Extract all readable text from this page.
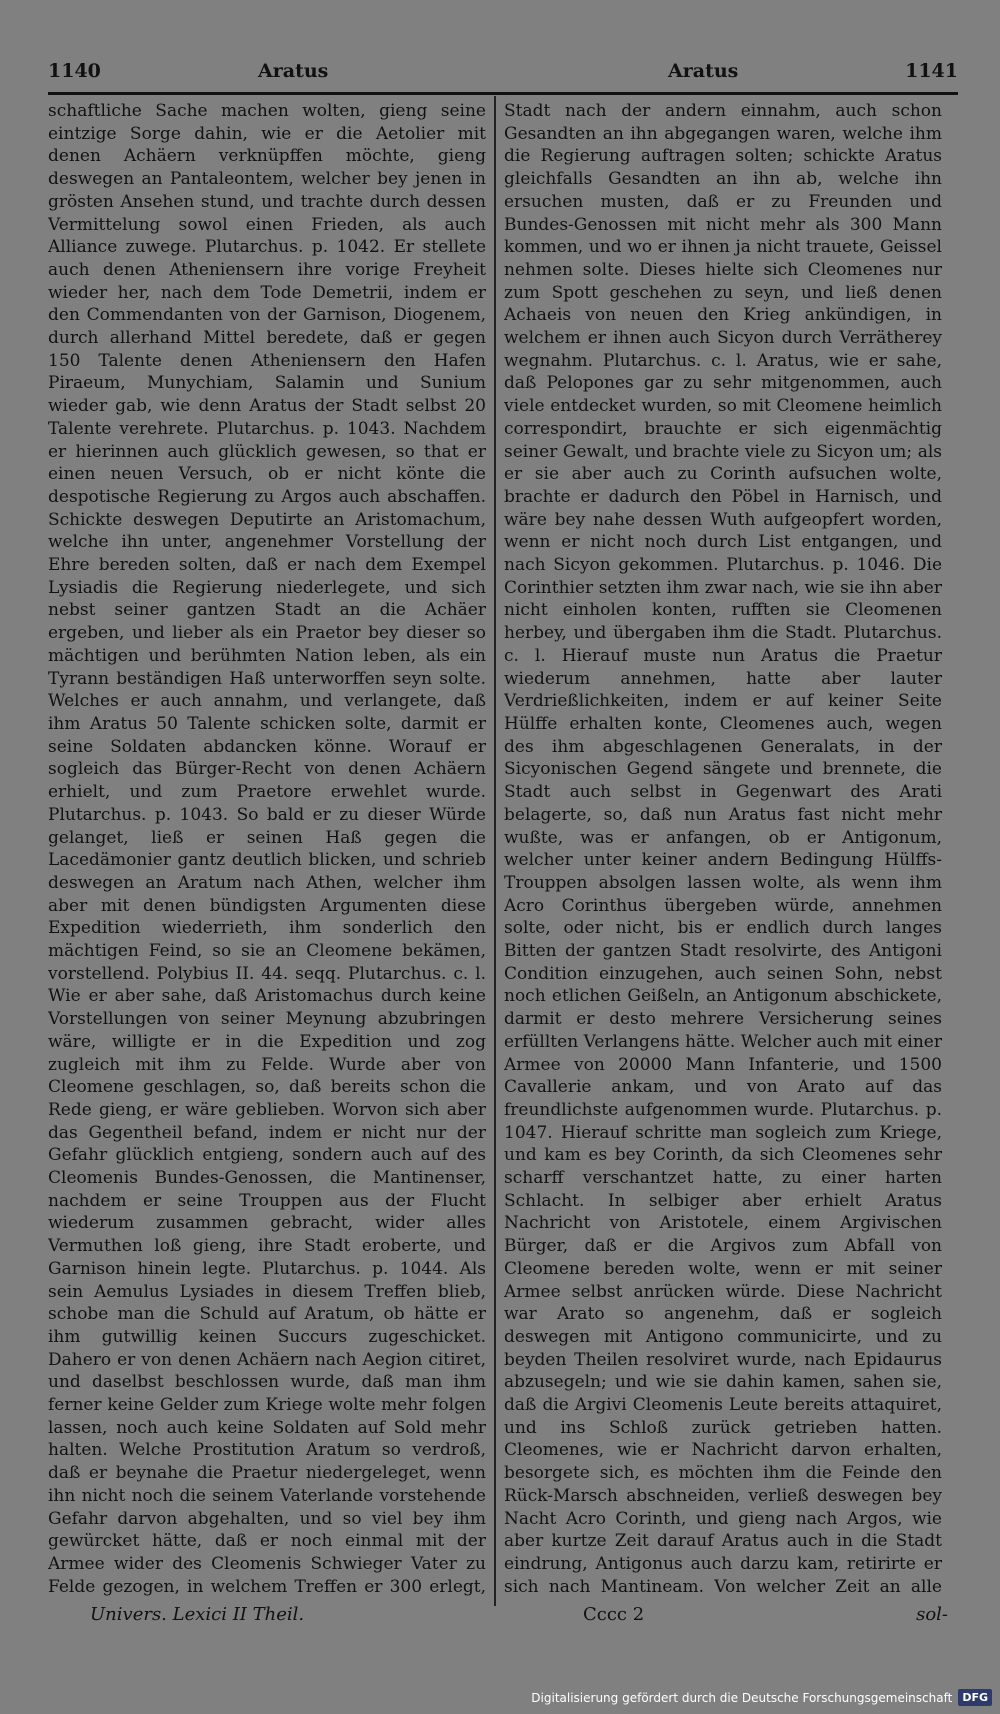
1140	Aratus	Aratus	1141

schaftliche Sache machen wolten, gieng seine eintzige Sorge dahin, wie er die Aetolier mit denen Achäern verknüpffen möchte, gieng deswegen an Pantaleontem, welcher bey jenen in grösten Ansehen stund, und trachte durch dessen Vermittelung sowol einen Frieden, als auch Alliance zuwege. Plutarchus. p. 1042. Er stellete auch denen Atheniensern ihre vorige Freyheit wieder her, nach dem Tode Demetrii, indem er den Commendanten von der Garnison, Diogenem, durch allerhand Mittel beredete, daß er gegen 150 Talente denen Atheniensern den Hafen Piraeum, Munychiam, Salamin und Sunium wieder gab, wie denn Aratus der Stadt selbst 20 Talente verehrete. Plutarchus. p. 1043. Nachdem er hierinnen auch glücklich gewesen, so that er einen neuen Versuch, ob er nicht könte die despotische Regierung zu Argos auch abschaffen. Schickte deswegen Deputirte an Aristomachum, welche ihn unter, angenehmer Vorstellung der Ehre bereden solten, daß er nach dem Exempel Lysiadis die Regierung niederlegete, und sich nebst seiner gantzen Stadt an die Achäer ergeben, und lieber als ein Praetor bey dieser so mächtigen und berühmten Nation leben, als ein Tyrann beständigen Haß unterworffen seyn solte. Welches er auch annahm, und verlangete, daß ihm Aratus 50 Talente schicken solte, darmit er seine Soldaten abdancken könne. Worauf er sogleich das Bürger-Recht von denen Achäern erhielt, und zum Praetore erwehlet wurde. Plutarchus. p. 1043. So bald er zu dieser Würde gelanget, ließ er seinen Haß gegen die Lacedämonier gantz deutlich blicken, und schrieb deswegen an Aratum nach Athen, welcher ihm aber mit denen bündigsten Argumenten diese Expedition wiederrieth, ihm sonderlich den mächtigen Feind, so sie an Cleomene bekämen, vorstellend. Polybius II. 44. seqq. Plutarchus. c. l. Wie er aber sahe, daß Aristomachus durch keine Vorstellungen von seiner Meynung abzubringen wäre, willigte er in die Expedition und zog zugleich mit ihm zu Felde. Wurde aber von Cleomene geschlagen, so, daß bereits schon die Rede gieng, er wäre geblieben. Worvon sich aber das Gegentheil befand, indem er nicht nur der Gefahr glücklich entgieng, sondern auch auf des Cleomenis Bundes-Genossen, die Mantinenser, nachdem er seine Trouppen aus der Flucht wiederum zusammen gebracht, wider alles Vermuthen loß gieng, ihre Stadt eroberte, und Garnison hinein legte. Plutarchus. p. 1044. Als sein Aemulus Lysiades in diesem Treffen blieb, schobe man die Schuld auf Aratum, ob hätte er ihm gutwillig keinen Succurs zugeschicket. Dahero er von denen Achäern nach Aegion citiret, und daselbst beschlossen wurde, daß man ihm ferner keine Gelder zum Kriege wolte mehr folgen lassen, noch auch keine Soldaten auf Sold mehr halten. Welche Prostitution Aratum so verdroß, daß er beynahe die Praetur niedergeleget, wenn ihn nicht noch die seinem Vaterlande vorstehende Gefahr darvon abgehalten, und so viel bey ihm gewürcket hätte, daß er noch einmal mit der Armee wider des Cleomenis Schwieger Vater zu Felde gezogen, in welchem Treffen er 300 erlegt,

Stadt nach der andern einnahm, auch schon Gesandten an ihn abgegangen waren, welche ihm die Regierung auftragen solten; schickte Aratus gleichfalls Gesandten an ihn ab, welche ihn ersuchen musten, daß er zu Freunden und Bundes-Genossen mit nicht mehr als 300 Mann kommen, und wo er ihnen ja nicht trauete, Geissel nehmen solte. Dieses hielte sich Cleomenes nur zum Spott geschehen zu seyn, und ließ denen Achaeis von neuen den Krieg ankündigen, in welchem er ihnen auch Sicyon durch Verrätherey wegnahm. Plutarchus. c. l. Aratus, wie er sahe, daß Pelopones gar zu sehr mitgenommen, auch viele entdecket wurden, so mit Cleomene heimlich correspondirt, brauchte er sich eigenmächtig seiner Gewalt, und brachte viele zu Sicyon um; als er sie aber auch zu Corinth aufsuchen wolte, brachte er dadurch den Pöbel in Harnisch, und wäre bey nahe dessen Wuth aufgeopfert worden, wenn er nicht noch durch List entgangen, und nach Sicyon gekommen. Plutarchus. p. 1046. Die Corinthier setzten ihm zwar nach, wie sie ihn aber nicht einholen konten, rufften sie Cleomenen herbey, und übergaben ihm die Stadt. Plutarchus. c. l. Hierauf muste nun Aratus die Praetur wiederum annehmen, hatte aber lauter Verdrießlichkeiten, indem er auf keiner Seite Hülffe erhalten konte, Cleomenes auch, wegen des ihm abgeschlagenen Generalats, in der Sicyonischen Gegend sängete und brennete, die Stadt auch selbst in Gegenwart des Arati belagerte, so, daß nun Aratus fast nicht mehr wußte, was er anfangen, ob er Antigonum, welcher unter keiner andern Bedingung Hülffs-Trouppen absolgen lassen wolte, als wenn ihm Acro Corinthus übergeben würde, annehmen solte, oder nicht, bis er endlich durch langes Bitten der gantzen Stadt resolvirte, des Antigoni Condition einzugehen, auch seinen Sohn, nebst noch etlichen Geißeln, an Antigonum abschickete, darmit er desto mehrere Versicherung seines erfüllten Verlangens hätte. Welcher auch mit einer Armee von 20000 Mann Infanterie, und 1500 Cavallerie ankam, und von Arato auf das freundlichste aufgenommen wurde. Plutarchus. p. 1047. Hierauf schritte man sogleich zum Kriege, und kam es bey Corinth, da sich Cleomenes sehr scharff verschantzet hatte, zu einer harten Schlacht. In selbiger aber erhielt Aratus Nachricht von Aristotele, einem Argivischen Bürger, daß er die Argivos zum Abfall von Cleomene bereden wolte, wenn er mit seiner Armee selbst anrücken würde. Diese Nachricht war Arato so angenehm, daß er sogleich deswegen mit Antigono communicirte, und zu beyden Theilen resolviret wurde, nach Epidaurus abzusegeln; und wie sie dahin kamen, sahen sie, daß die Argivi Cleomenis Leute bereits attaquiret, und ins Schloß zurück getrieben hatten. Cleomenes, wie er Nachricht darvon erhalten, besorgete sich, es möchten ihm die Feinde den Rück-Marsch abschneiden, verließ deswegen bey Nacht Acro Corinth, und gieng nach Argos, wie aber kurtze Zeit darauf Aratus auch in die Stadt eindrung, Antigonus auch darzu kam, retirirte er sich nach Mantineam. Von welcher Zeit an alle

Univers. Lexici II Theil.	Cccc 2	sol-
Digitalisierung gefördert durch die Deutsche Forschungsgemeinschaft DFG
